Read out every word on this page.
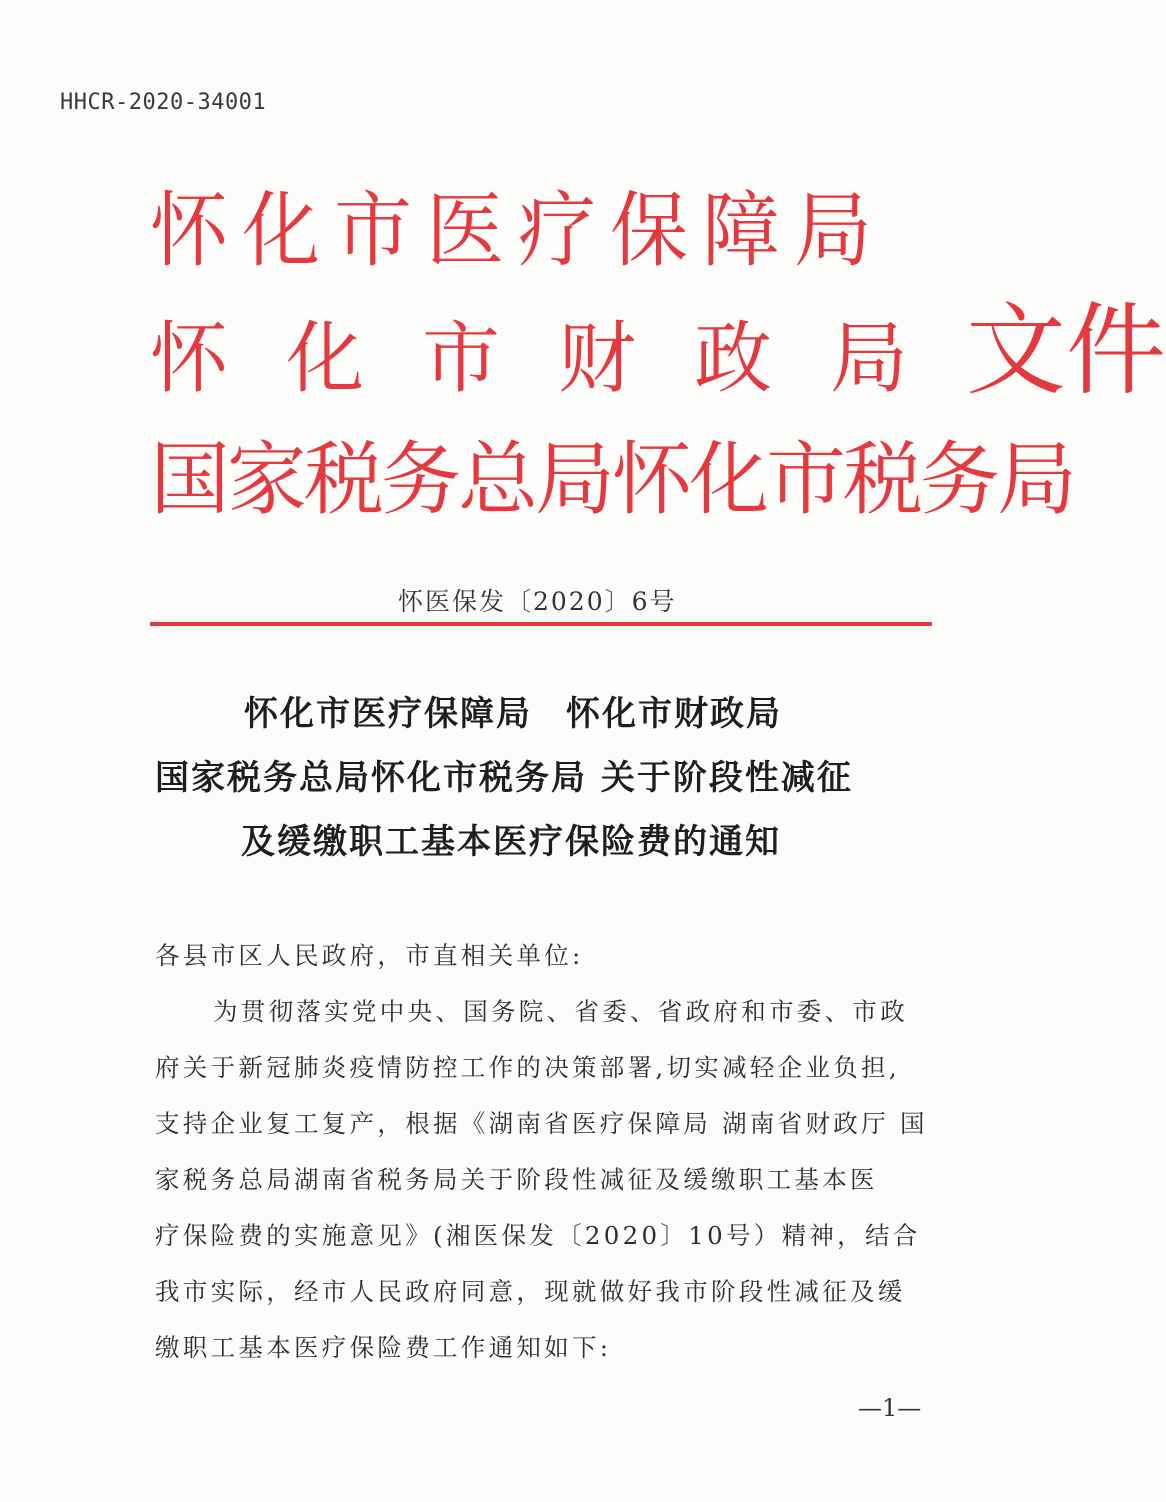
HHCR-2020-34001
怀化市医疗保障局
怀化市财政局文件
国家税务总局怀化市税务局
怀医保发〔2020〕6号
怀化市医疗保障局 怀化市财政局
国家税务总局怀化市税务局 关于阶段性减征
及缓缴职工基本医疗保险费的通知
各县市区人民政府，市直相关单位:
为贯彻落实党中央、国务院、省委、省政府和市委、市政
府关于新冠肺炎疫情防控工作的决策部署,切实减轻企业负担,
支持企业复工复产，根据《湖南省医疗保障局 湖南省财政厅 国
家税务总局湖南省税务局关于阶段性减征及缓缴职工基本医
疗保险费的实施意见》(湘医保发〔2020〕10号）精神，结合
我市实际，经市人民政府同意，现就做好我市阶段性减征及缓
缴职工基本医疗保险费工作通知如下:
—1—
